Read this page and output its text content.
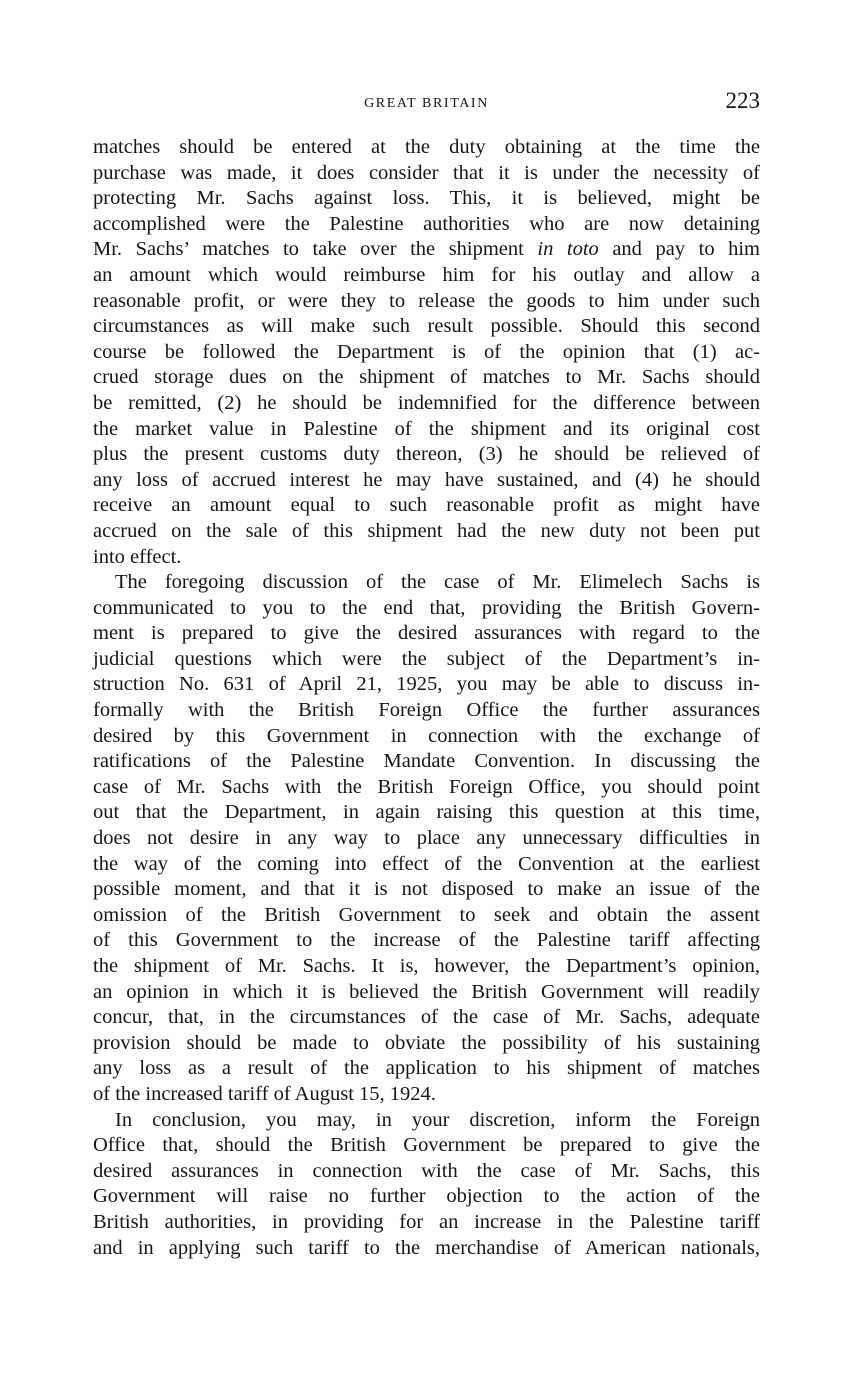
GREAT BRITAIN	223
matches should be entered at the duty obtaining at the time the
purchase was made, it does consider that it is under the necessity of
protecting Mr. Sachs against loss. This, it is believed, might be
accomplished were the Palestine authorities who are now detaining
Mr. Sachs’ matches to take over the shipment in toto and pay to him
an amount which would reimburse him for his outlay and allow a
reasonable profit, or were they to release the goods to him under such
circumstances as will make such result possible. Should this second
course be followed the Department is of the opinion that (1) ac-
crued storage dues on the shipment of matches to Mr. Sachs should
be remitted, (2) he should be indemnified for the difference between
the market value in Palestine of the shipment and its original cost
plus the present customs duty thereon, (3) he should be relieved of
any loss of accrued interest he may have sustained, and (4) he should
receive an amount equal to such reasonable profit as might have
accrued on the sale of this shipment had the new duty not been put
into effect.
The foregoing discussion of the case of Mr. Elimelech Sachs is
communicated to you to the end that, providing the British Govern-
ment is prepared to give the desired assurances with regard to the
judicial questions which were the subject of the Department’s in-
struction No. 631 of April 21, 1925, you may be able to discuss in-
formally with the British Foreign Office the further assurances
desired by this Government in connection with the exchange of
ratifications of the Palestine Mandate Convention. In discussing the
case of Mr. Sachs with the British Foreign Office, you should point
out that the Department, in again raising this question at this time,
does not desire in any way to place any unnecessary difficulties in
the way of the coming into effect of the Convention at the earliest
possible moment, and that it is not disposed to make an issue of the
omission of the British Government to seek and obtain the assent
of this Government to the increase of the Palestine tariff affecting
the shipment of Mr. Sachs. It is, however, the Department’s opinion,
an opinion in which it is believed the British Government will readily
concur, that, in the circumstances of the case of Mr. Sachs, adequate
provision should be made to obviate the possibility of his sustaining
any loss as a result of the application to his shipment of matches
of the increased tariff of August 15, 1924.
In conclusion, you may, in your discretion, inform the Foreign
Office that, should the British Government be prepared to give the
desired assurances in connection with the case of Mr. Sachs, this
Government will raise no further objection to the action of the
British authorities, in providing for an increase in the Palestine tariff
and in applying such tariff to the merchandise of American nationals,
